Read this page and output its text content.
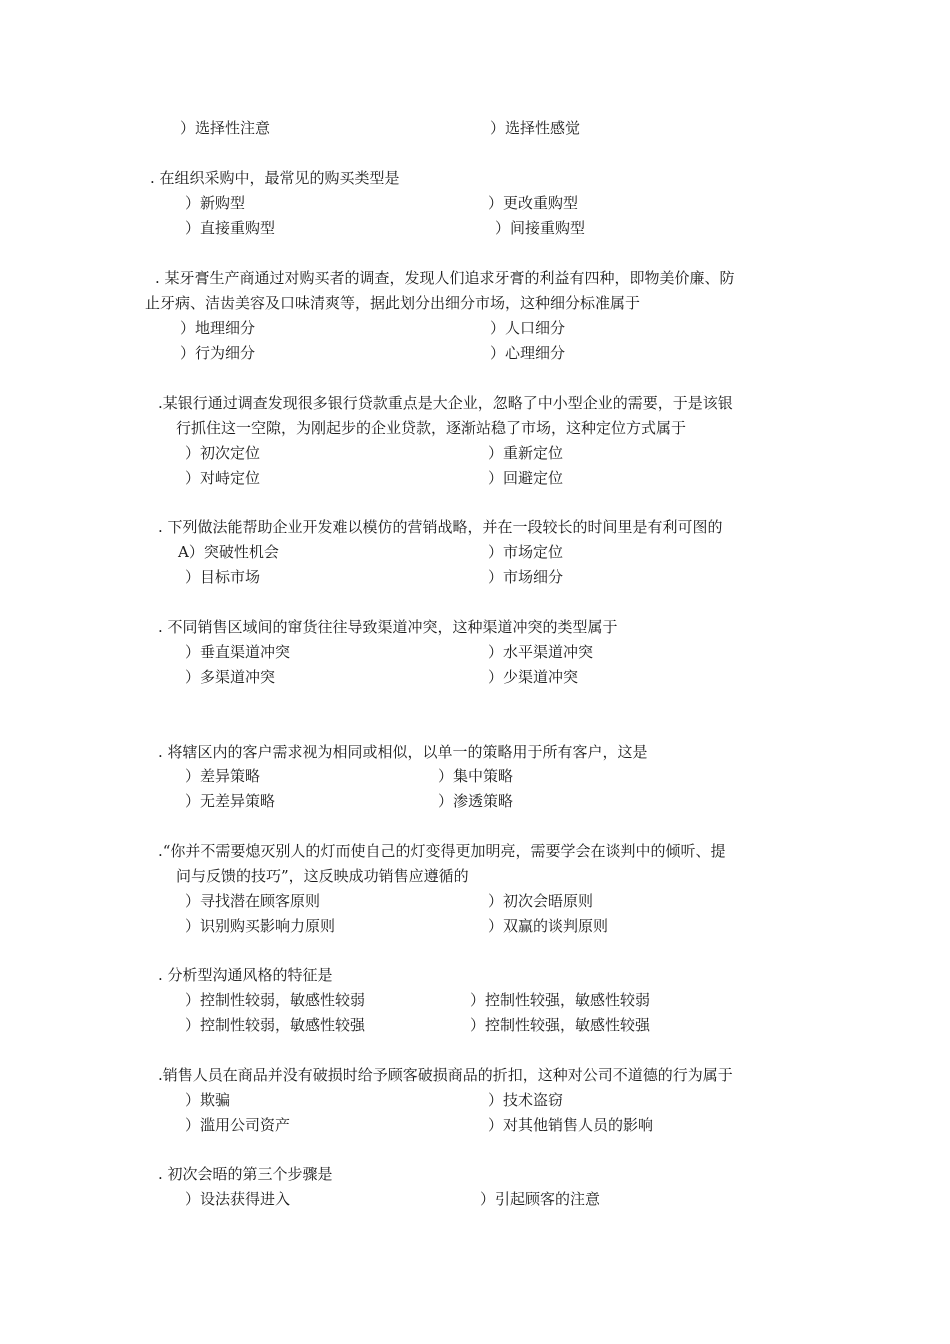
）选择性注意	）选择性感觉
. 在组织采购中，最常见的购买类型是
）新购型	）更改重购型
）直接重购型	）间接重购型
. 某牙膏生产商通过对购买者的调查，发现人们追求牙膏的利益有四种，即物美价廉、防
止牙病、洁齿美容及口味清爽等，据此划分出细分市场，这种细分标准属于
）地理细分	）人口细分
）行为细分	）心理细分
.某银行通过调查发现很多银行贷款重点是大企业，忽略了中小型企业的需要，于是该银
行抓住这一空隙，为刚起步的企业贷款，逐渐站稳了市场，这种定位方式属于
）初次定位	）重新定位
）对峙定位	）回避定位
. 下列做法能帮助企业开发难以模仿的营销战略，并在一段较长的时间里是有利可图的
A）突破性机会	）市场定位
）目标市场	）市场细分
. 不同销售区域间的窜货往往导致渠道冲突，这种渠道冲突的类型属于
）垂直渠道冲突	）水平渠道冲突
）多渠道冲突	）少渠道冲突
. 将辖区内的客户需求视为相同或相似，以单一的策略用于所有客户，这是
）差异策略	）集中策略
）无差异策略	）渗透策略
.“你并不需要熄灭别人的灯而使自己的灯变得更加明亮，需要学会在谈判中的倾听、提
问与反馈的技巧”，这反映成功销售应遵循的
）寻找潜在顾客原则	）初次会晤原则
）识别购买影响力原则	）双赢的谈判原则
. 分析型沟通风格的特征是
）控制性较弱，敏感性较弱	）控制性较强，敏感性较弱
）控制性较弱，敏感性较强	）控制性较强，敏感性较强
.销售人员在商品并没有破损时给予顾客破损商品的折扣，这种对公司不道德的行为属于
）欺骗	）技术盗窃
）滥用公司资产	）对其他销售人员的影响
. 初次会晤的第三个步骤是
）设法获得进入	）引起顾客的注意
